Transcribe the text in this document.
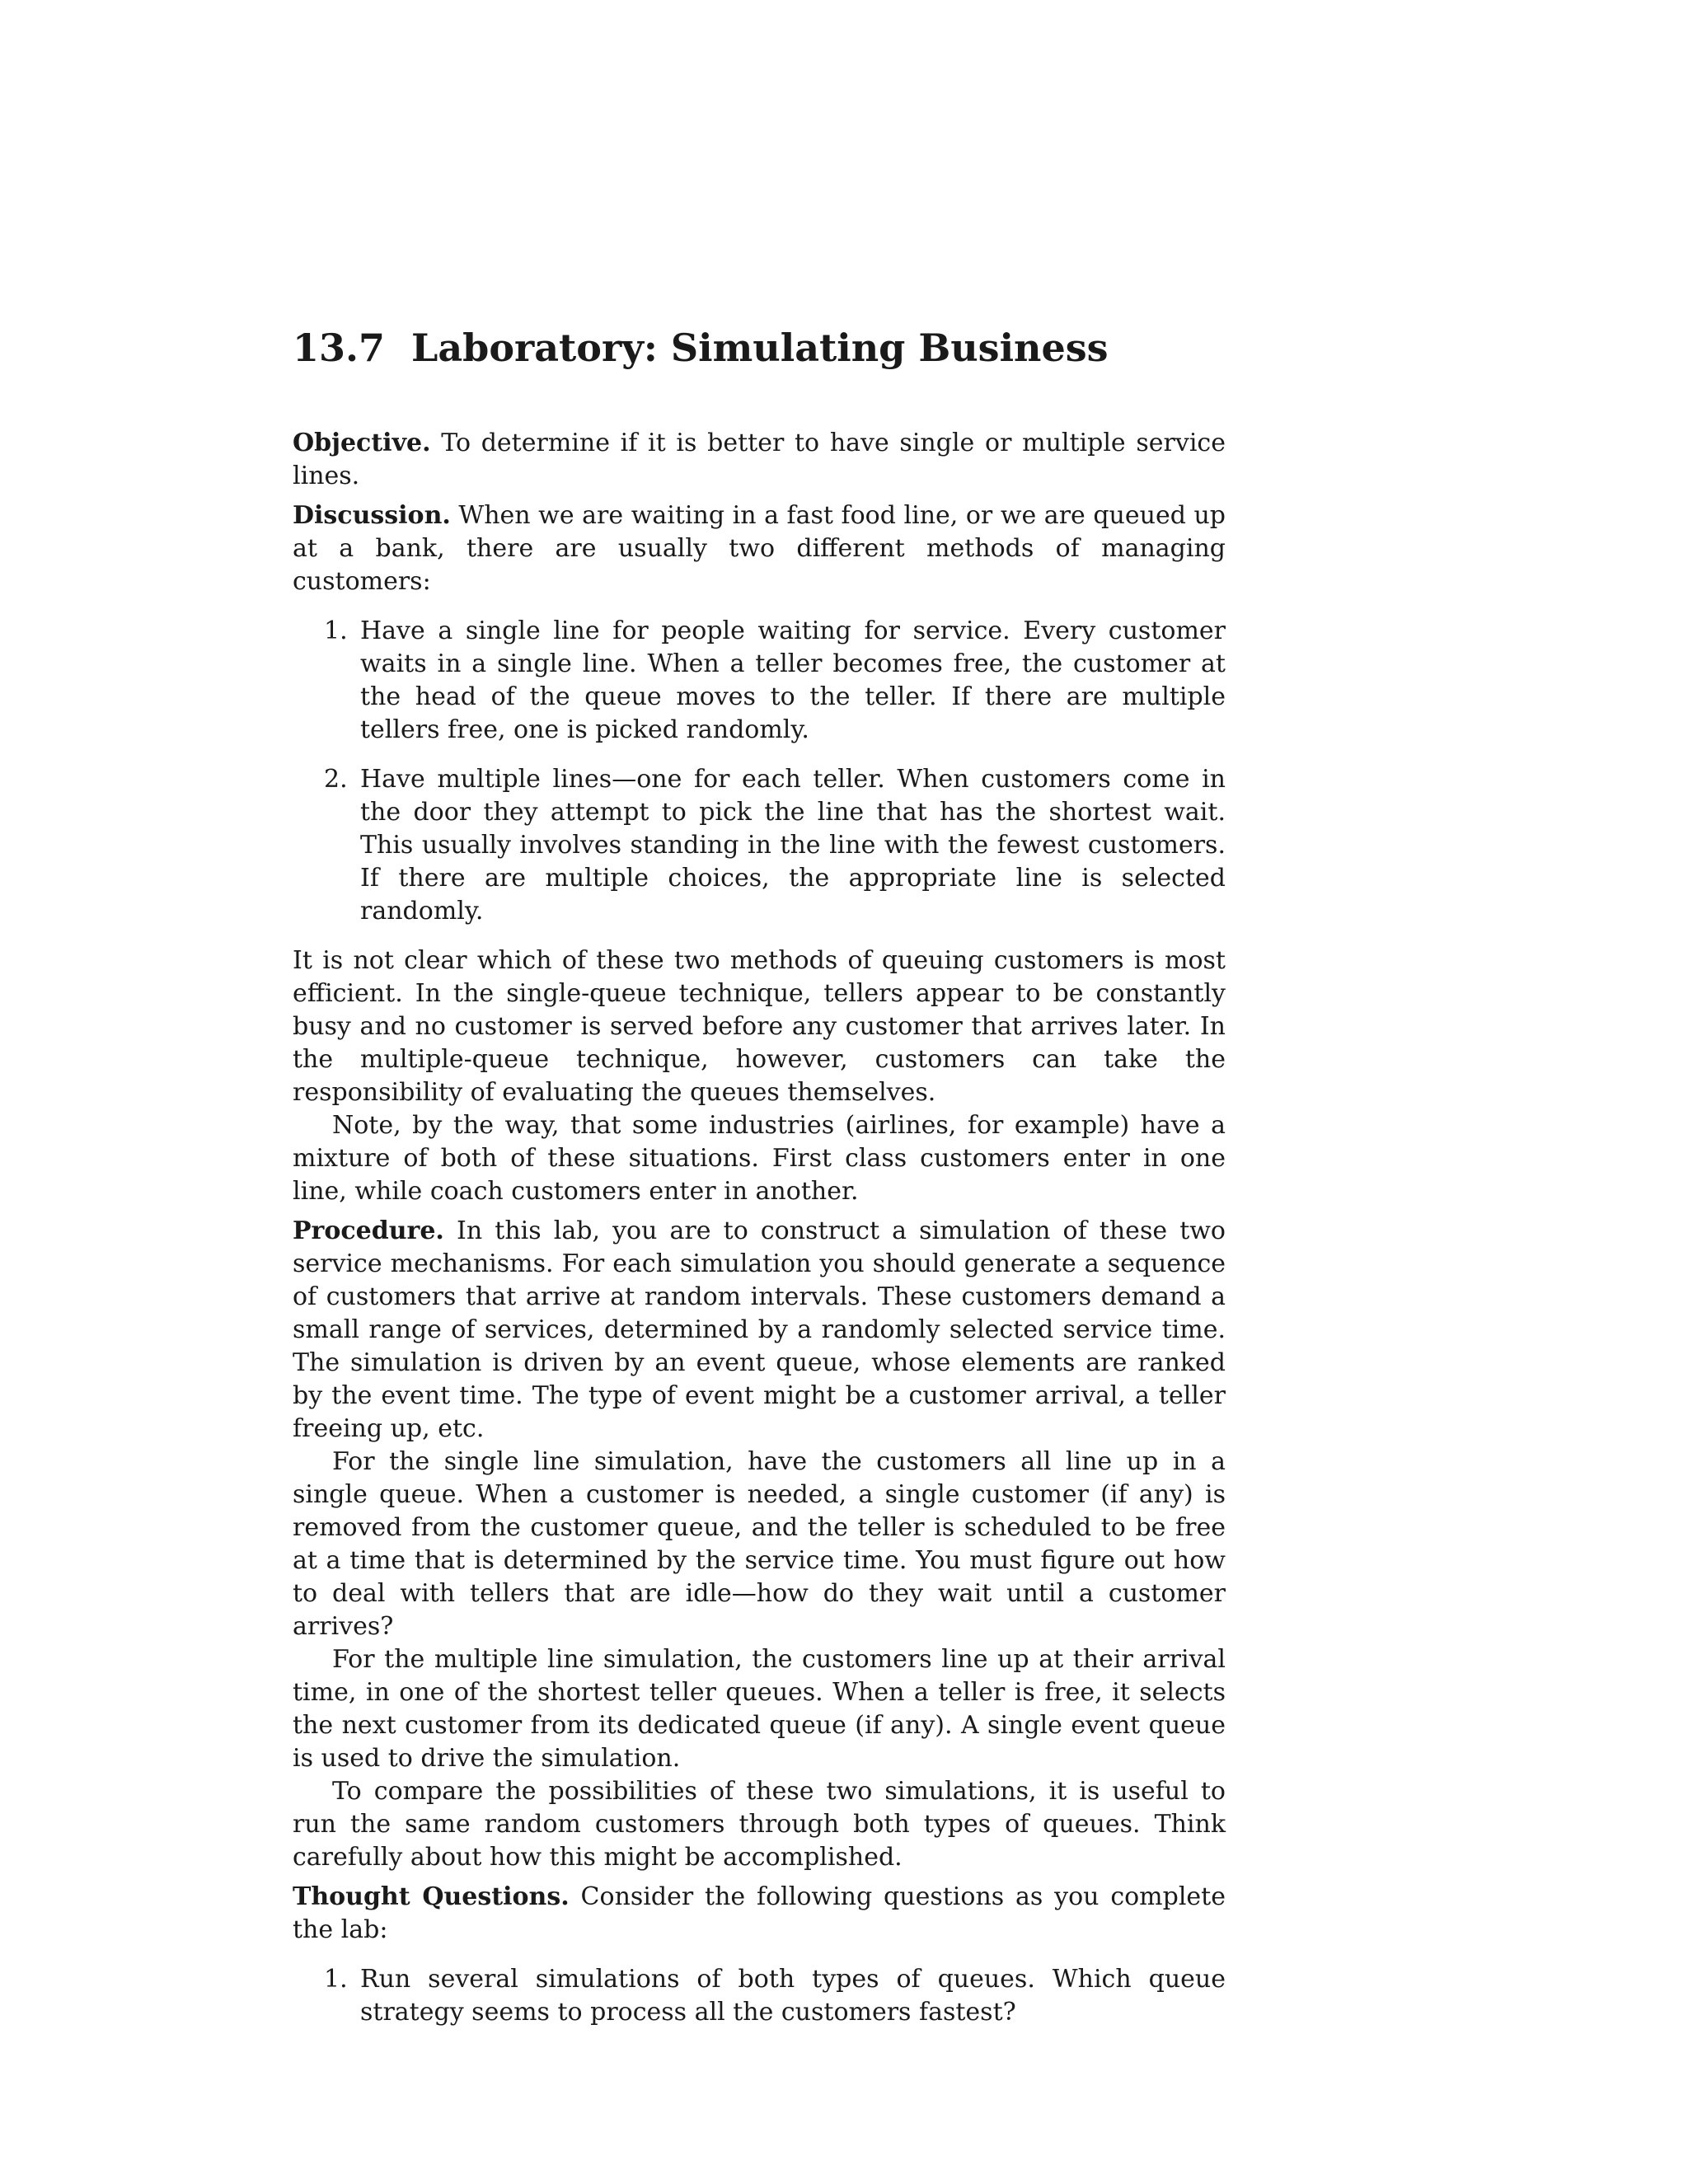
13.7 Laboratory: Simulating Business

Objective. To determine if it is better to have single or multiple service lines.

Discussion. When we are waiting in a fast food line, or we are queued up at a bank, there are usually two different methods of managing customers:

1. Have a single line for people waiting for service. Every customer waits in a single line. When a teller becomes free, the customer at the head of the queue moves to the teller. If there are multiple tellers free, one is picked randomly.
2. Have multiple lines—one for each teller. When customers come in the door they attempt to pick the line that has the shortest wait. This usually involves standing in the line with the fewest customers. If there are multiple choices, the appropriate line is selected randomly.

It is not clear which of these two methods of queuing customers is most efficient. In the single-queue technique, tellers appear to be constantly busy and no customer is served before any customer that arrives later. In the multiple-queue technique, however, customers can take the responsibility of evaluating the queues themselves.

Note, by the way, that some industries (airlines, for example) have a mixture of both of these situations. First class customers enter in one line, while coach customers enter in another.

Procedure. In this lab, you are to construct a simulation of these two service mechanisms. For each simulation you should generate a sequence of customers that arrive at random intervals. These customers demand a small range of services, determined by a randomly selected service time. The simulation is driven by an event queue, whose elements are ranked by the event time. The type of event might be a customer arrival, a teller freeing up, etc.

For the single line simulation, have the customers all line up in a single queue. When a customer is needed, a single customer (if any) is removed from the customer queue, and the teller is scheduled to be free at a time that is determined by the service time. You must figure out how to deal with tellers that are idle—how do they wait until a customer arrives?

For the multiple line simulation, the customers line up at their arrival time, in one of the shortest teller queues. When a teller is free, it selects the next customer from its dedicated queue (if any). A single event queue is used to drive the simulation.

To compare the possibilities of these two simulations, it is useful to run the same random customers through both types of queues. Think carefully about how this might be accomplished.

Thought Questions. Consider the following questions as you complete the lab:

1. Run several simulations of both types of queues. Which queue strategy seems to process all the customers fastest?
